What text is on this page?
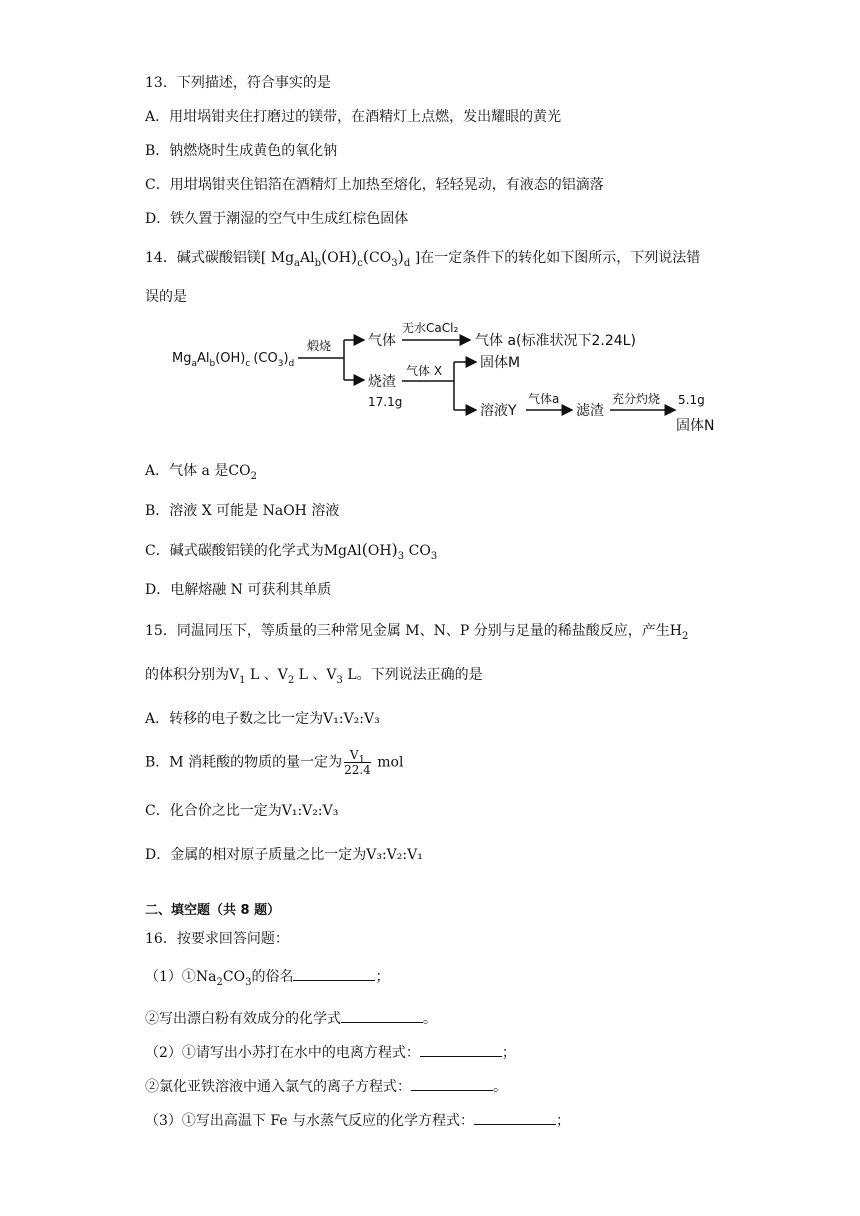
13．下列描述，符合事实的是
A．用坩埚钳夹住打磨过的镁带，在酒精灯上点燃，发出耀眼的黄光
B．钠燃烧时生成黄色的氧化钠
C．用坩埚钳夹住铝箔在酒精灯上加热至熔化，轻轻晃动，有液态的铝滴落
D．铁久置于潮湿的空气中生成红棕色固体
14．碱式碳酸铝镁[ $Mg_aAl_b(OH)_c(CO_3)_d$ ]在一定条件下的转化如下图所示，下列说法错
误的是
$Mg_aAl_b(OH)_c$ $(CO_3)_d$
煅烧	气体
无水CaCl₂
气体 a(标准状况下2.24L)
烧渣
17.1g
气体 X	固体M
溶液Y
气体a
滤渣
充分灼烧 5.1g
固体N
A．气体 a 是$CO_2$
B．溶液 X 可能是 NaOH 溶液
C．碱式碳酸铝镁的化学式为$MgAl(OH)_3$ $CO_3$
D．电解熔融 N 可获利其单质
15．同温同压下，等质量的三种常见金属 M、N、P 分别与足量的稀盐酸反应，产生$H_2$
的体积分别为$V_1$ L 、$V_2$ L 、$V_3$ L。下列说法正确的是
A．转移的电子数之比一定为V₁:V₂:V₃
B．M 消耗酸的物质的量一定为 $\frac{V_1}{22.4}$ mol
C．化合价之比一定为V₁:V₂:V₃
D．金属的相对原子质量之比一定为V₃:V₂:V₁
二、填空题（共 8 题）
16．按要求回答问题：
$(1)①Na_2CO_3$的俗名	；
②写出漂白粉有效成分的化学式	。
（2）①请写出小苏打在水中的电离方程式：	；
②氯化亚铁溶液中通入氯气的离子方程式：	。
（3）①写出高温下 Fe 与水蒸气反应的化学方程式：	；
